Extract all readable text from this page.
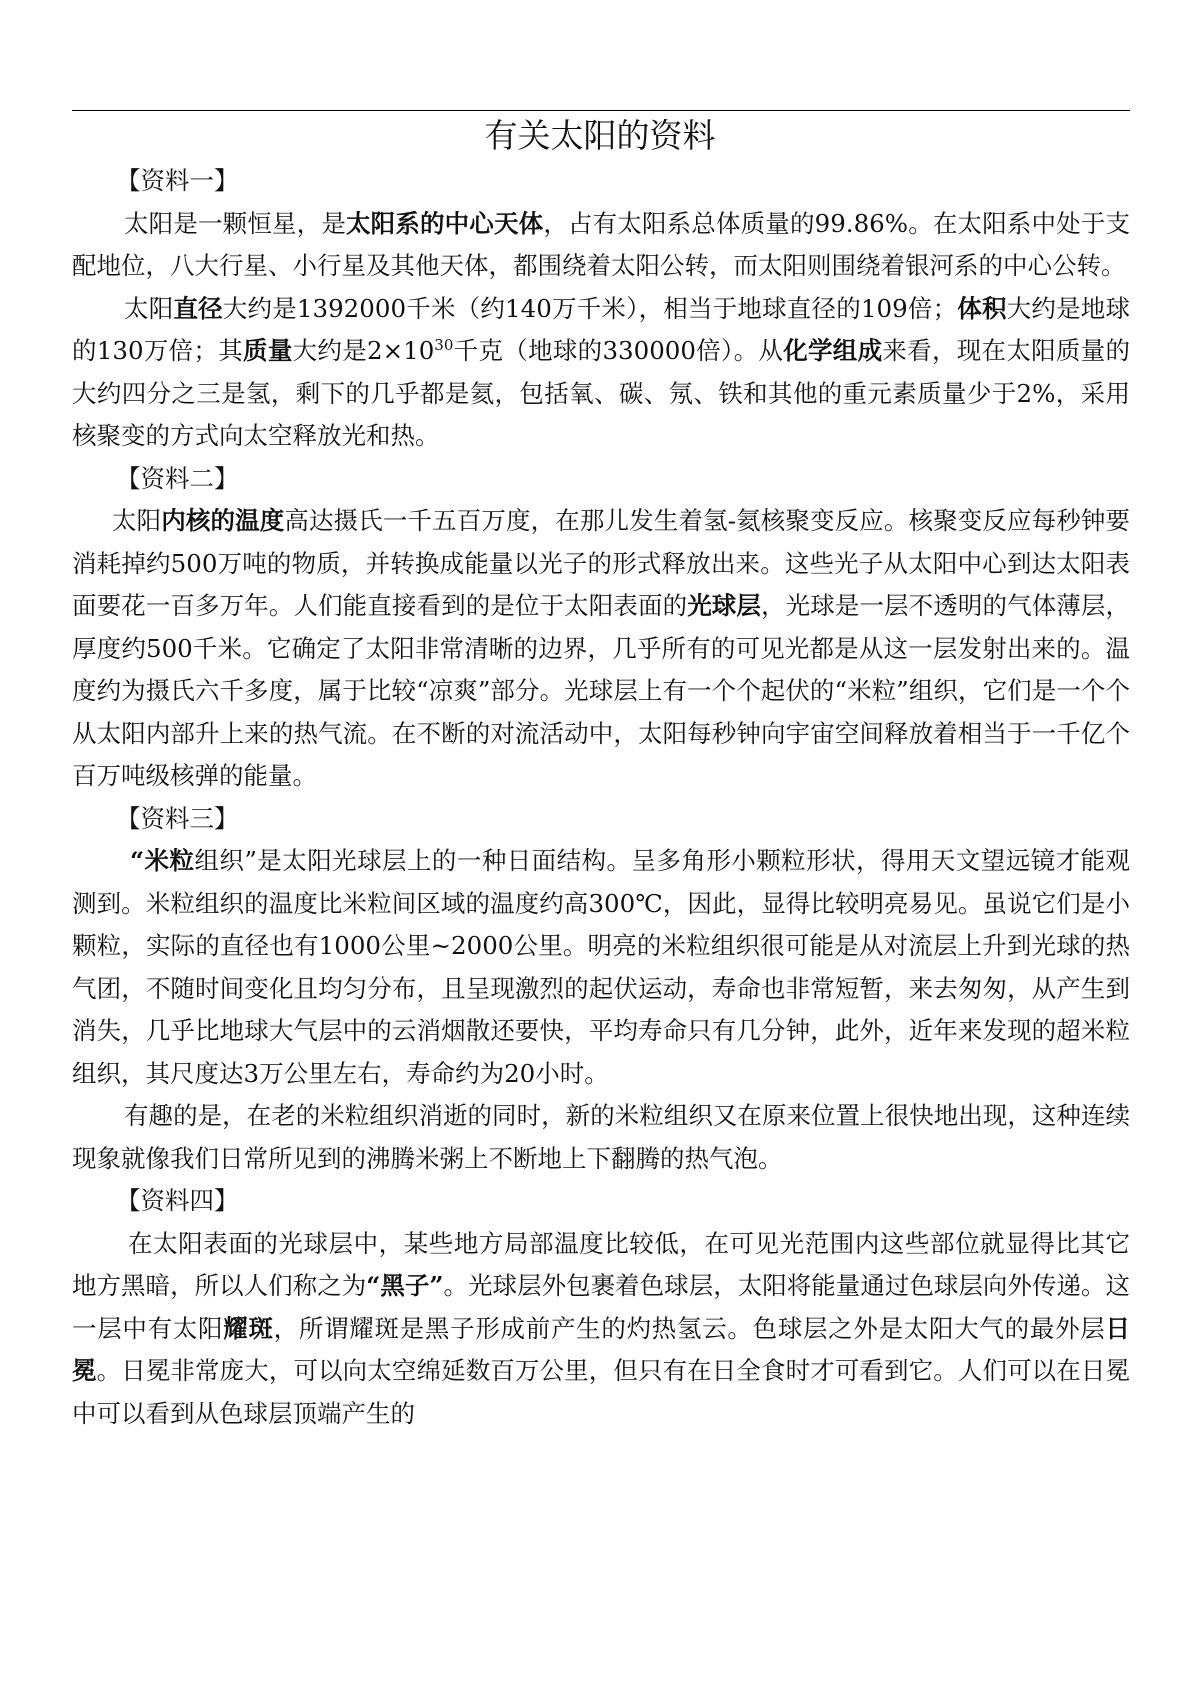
有关太阳的资料
【资料一】

太阳是一颗恒星，是太阳系的中心天体，占有太阳系总体质量的99.86%。在太阳系中处于支配地位，八大行星、小行星及其他天体，都围绕着太阳公转，而太阳则围绕着银河系的中心公转。

太阳直径大约是1392000千米（约140万千米），相当于地球直径的109倍；体积大约是地球的130万倍；其质量大约是$2\times 10^{30}$千克（地球的330000倍）。从化学组成来看，现在太阳质量的大约四分之三是氢，剩下的几乎都是氦，包括氧、碳、氖、铁和其他的重元素质量少于2%，采用核聚变的方式向太空释放光和热。

【资料二】

太阳内核的温度高达摄氏一千五百万度，在那儿发生着氢-氦核聚变反应。核聚变反应每秒钟要消耗掉约500万吨的物质，并转换成能量以光子的形式释放出来。这些光子从太阳中心到达太阳表面要花一百多万年。人们能直接看到的是位于太阳表面的光球层，光球是一层不透明的气体薄层，厚度约500千米。它确定了太阳非常清晰的边界，几乎所有的可见光都是从这一层发射出来的。温度约为摄氏六千多度，属于比较“凉爽”部分。光球层上有一个个起伏的“米粒”组织，它们是一个个从太阳内部升上来的热气流。在不断的对流活动中，太阳每秒钟向宇宙空间释放着相当于一千亿个百万吨级核弹的能量。

【资料三】

“米粒组织”是太阳光球层上的一种日面结构。呈多角形小颗粒形状，得用天文望远镜才能观测到。米粒组织的温度比米粒间区域的温度约高300℃，因此，显得比较明亮易见。虽说它们是小颗粒，实际的直径也有1000公里~2000公里。明亮的米粒组织很可能是从对流层上升到光球的热气团，不随时间变化且均匀分布，且呈现激烈的起伏运动，寿命也非常短暂，来去匆匆，从产生到消失，几乎比地球大气层中的云消烟散还要快，平均寿命只有几分钟，此外，近年来发现的超米粒组织，其尺度达3万公里左右，寿命约为20小时。

有趣的是，在老的米粒组织消逝的同时，新的米粒组织又在原来位置上很快地出现，这种连续现象就像我们日常所见到的沸腾米粥上不断地上下翻腾的热气泡。

【资料四】

在太阳表面的光球层中，某些地方局部温度比较低，在可见光范围内这些部位就显得比其它地方黑暗，所以人们称之为“黑子”。光球层外包裹着色球层，太阳将能量通过色球层向外传递。这一层中有太阳耀斑，所谓耀斑是黑子形成前产生的灼热氢云。色球层之外是太阳大气的最外层日冕。日冕非常庞大，可以向太空绵延数百万公里，但只有在日全食时才可看到它。人们可以在日冕中可以看到从色球层顶端产生的
